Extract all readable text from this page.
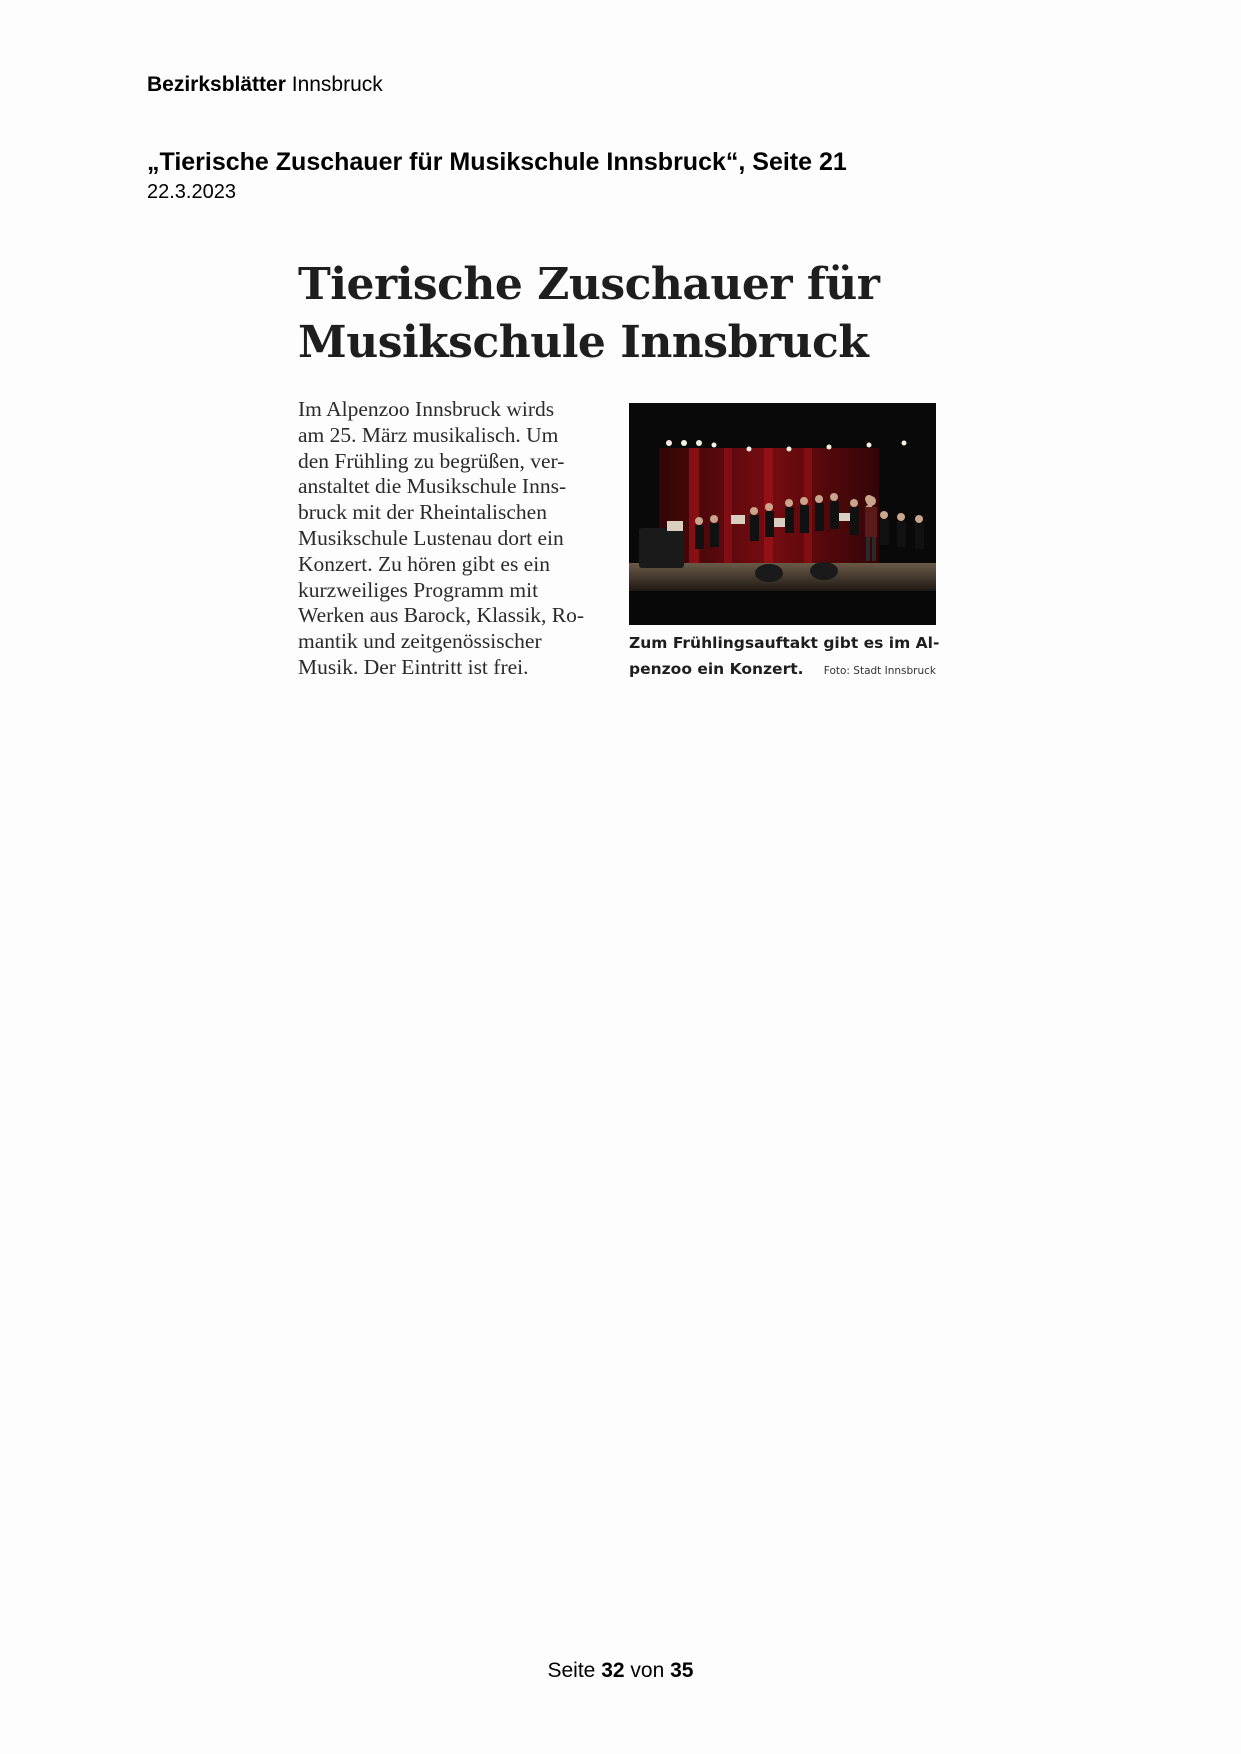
Bezirksblätter Innsbruck
„Tierische Zuschauer für Musikschule Innsbruck“, Seite 21
22.3.2023
Tierische Zuschauer für
Musikschule Innsbruck
Im Alpenzoo Innsbruck wirds
am 25. März musikalisch. Um
den Frühling zu begrüßen, ver-
anstaltet die Musikschule Inns-
bruck mit der Rheintalischen
Musikschule Lustenau dort ein
Konzert. Zu hören gibt es ein
kurzweiliges Programm mit
Werken aus Barock, Klassik, Ro-
mantik und zeitgenössischer
Musik. Der Eintritt ist frei.
Zum Frühlingsauftakt gibt es im Al-
penzoo ein Konzert. Foto: Stadt Innsbruck
Seite 32 von 35
